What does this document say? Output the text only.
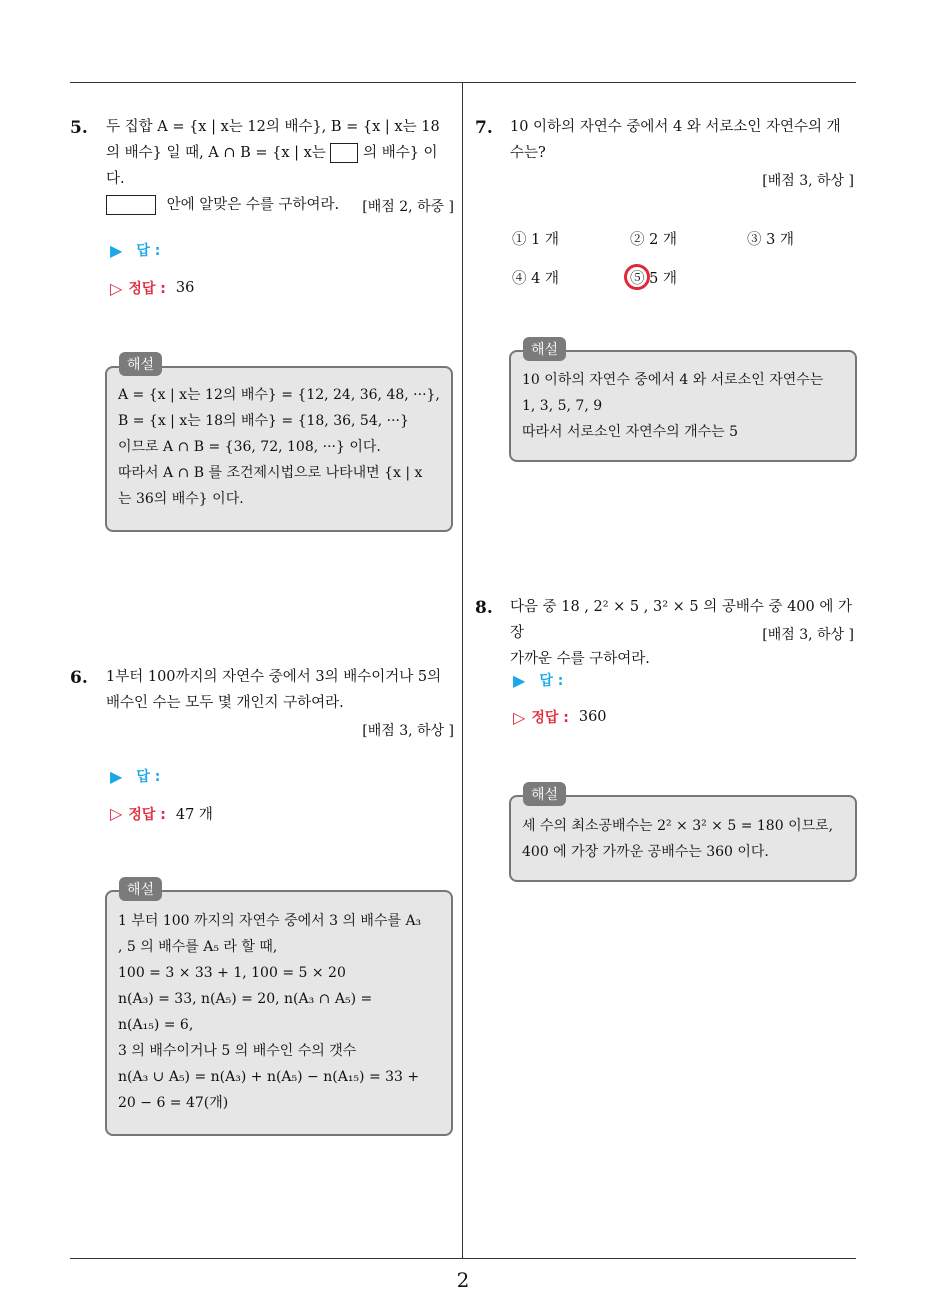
2
5. 두 집합 A = {x | x는 12의 배수}, B = {x | x는 18
의 배수} 일 때, A ∩ B = {x | x는	의 배수} 이다.
안에 알맞은 수를 구하여라.	[배점 2, 하중 ]
▶ 답 :
▷ 정답 : 36
해설
A = {x | x는 12의 배수} = {12, 24, 36, 48, ···},
B = {x | x는 18의 배수} = {18, 36, 54, ···}
이므로 A ∩ B = {36, 72, 108, ···} 이다.
따라서 A ∩ B 를 조건제시법으로 나타내면 {x | x
는 36의 배수} 이다.
6. 1부터 100까지의 자연수 중에서 3의 배수이거나 5의
배수인 수는 모두 몇 개인지 구하여라.
[배점 3, 하상 ]
▶ 답 :
▷ 정답 : 47 개
해설
1 부터 100 까지의 자연수 중에서 3 의 배수를 A₃
, 5 의 배수를 A₅ 라 할 때,
100 = 3 × 33 + 1, 100 = 5 × 20
n(A₃) = 33, n(A₅) = 20, n(A₃ ∩ A₅) =
n(A₁₅) = 6,
3 의 배수이거나 5 의 배수인 수의 갯수
n(A₃ ∪ A₅) = n(A₃) + n(A₅) − n(A₁₅) = 33 +
20 − 6 = 47(개)
7. 10 이하의 자연수 중에서 4 와 서로소인 자연수의 개
수는?
[배점 3, 하상 ]
① 1 개	② 2 개	③ 3 개
④ 4 개	⑤ 5 개
해설
10 이하의 자연수 중에서 4 와 서로소인 자연수는
1, 3, 5, 7, 9
따라서 서로소인 자연수의 개수는 5
8. 다음 중 18 , 2² × 5 , 3² × 5 의 공배수 중 400 에 가장
가까운 수를 구하여라.
[배점 3, 하상 ]
▶ 답 :
▷ 정답 : 360
해설
세 수의 최소공배수는 2² × 3² × 5 = 180 이므로,
400 에 가장 가까운 공배수는 360 이다.
